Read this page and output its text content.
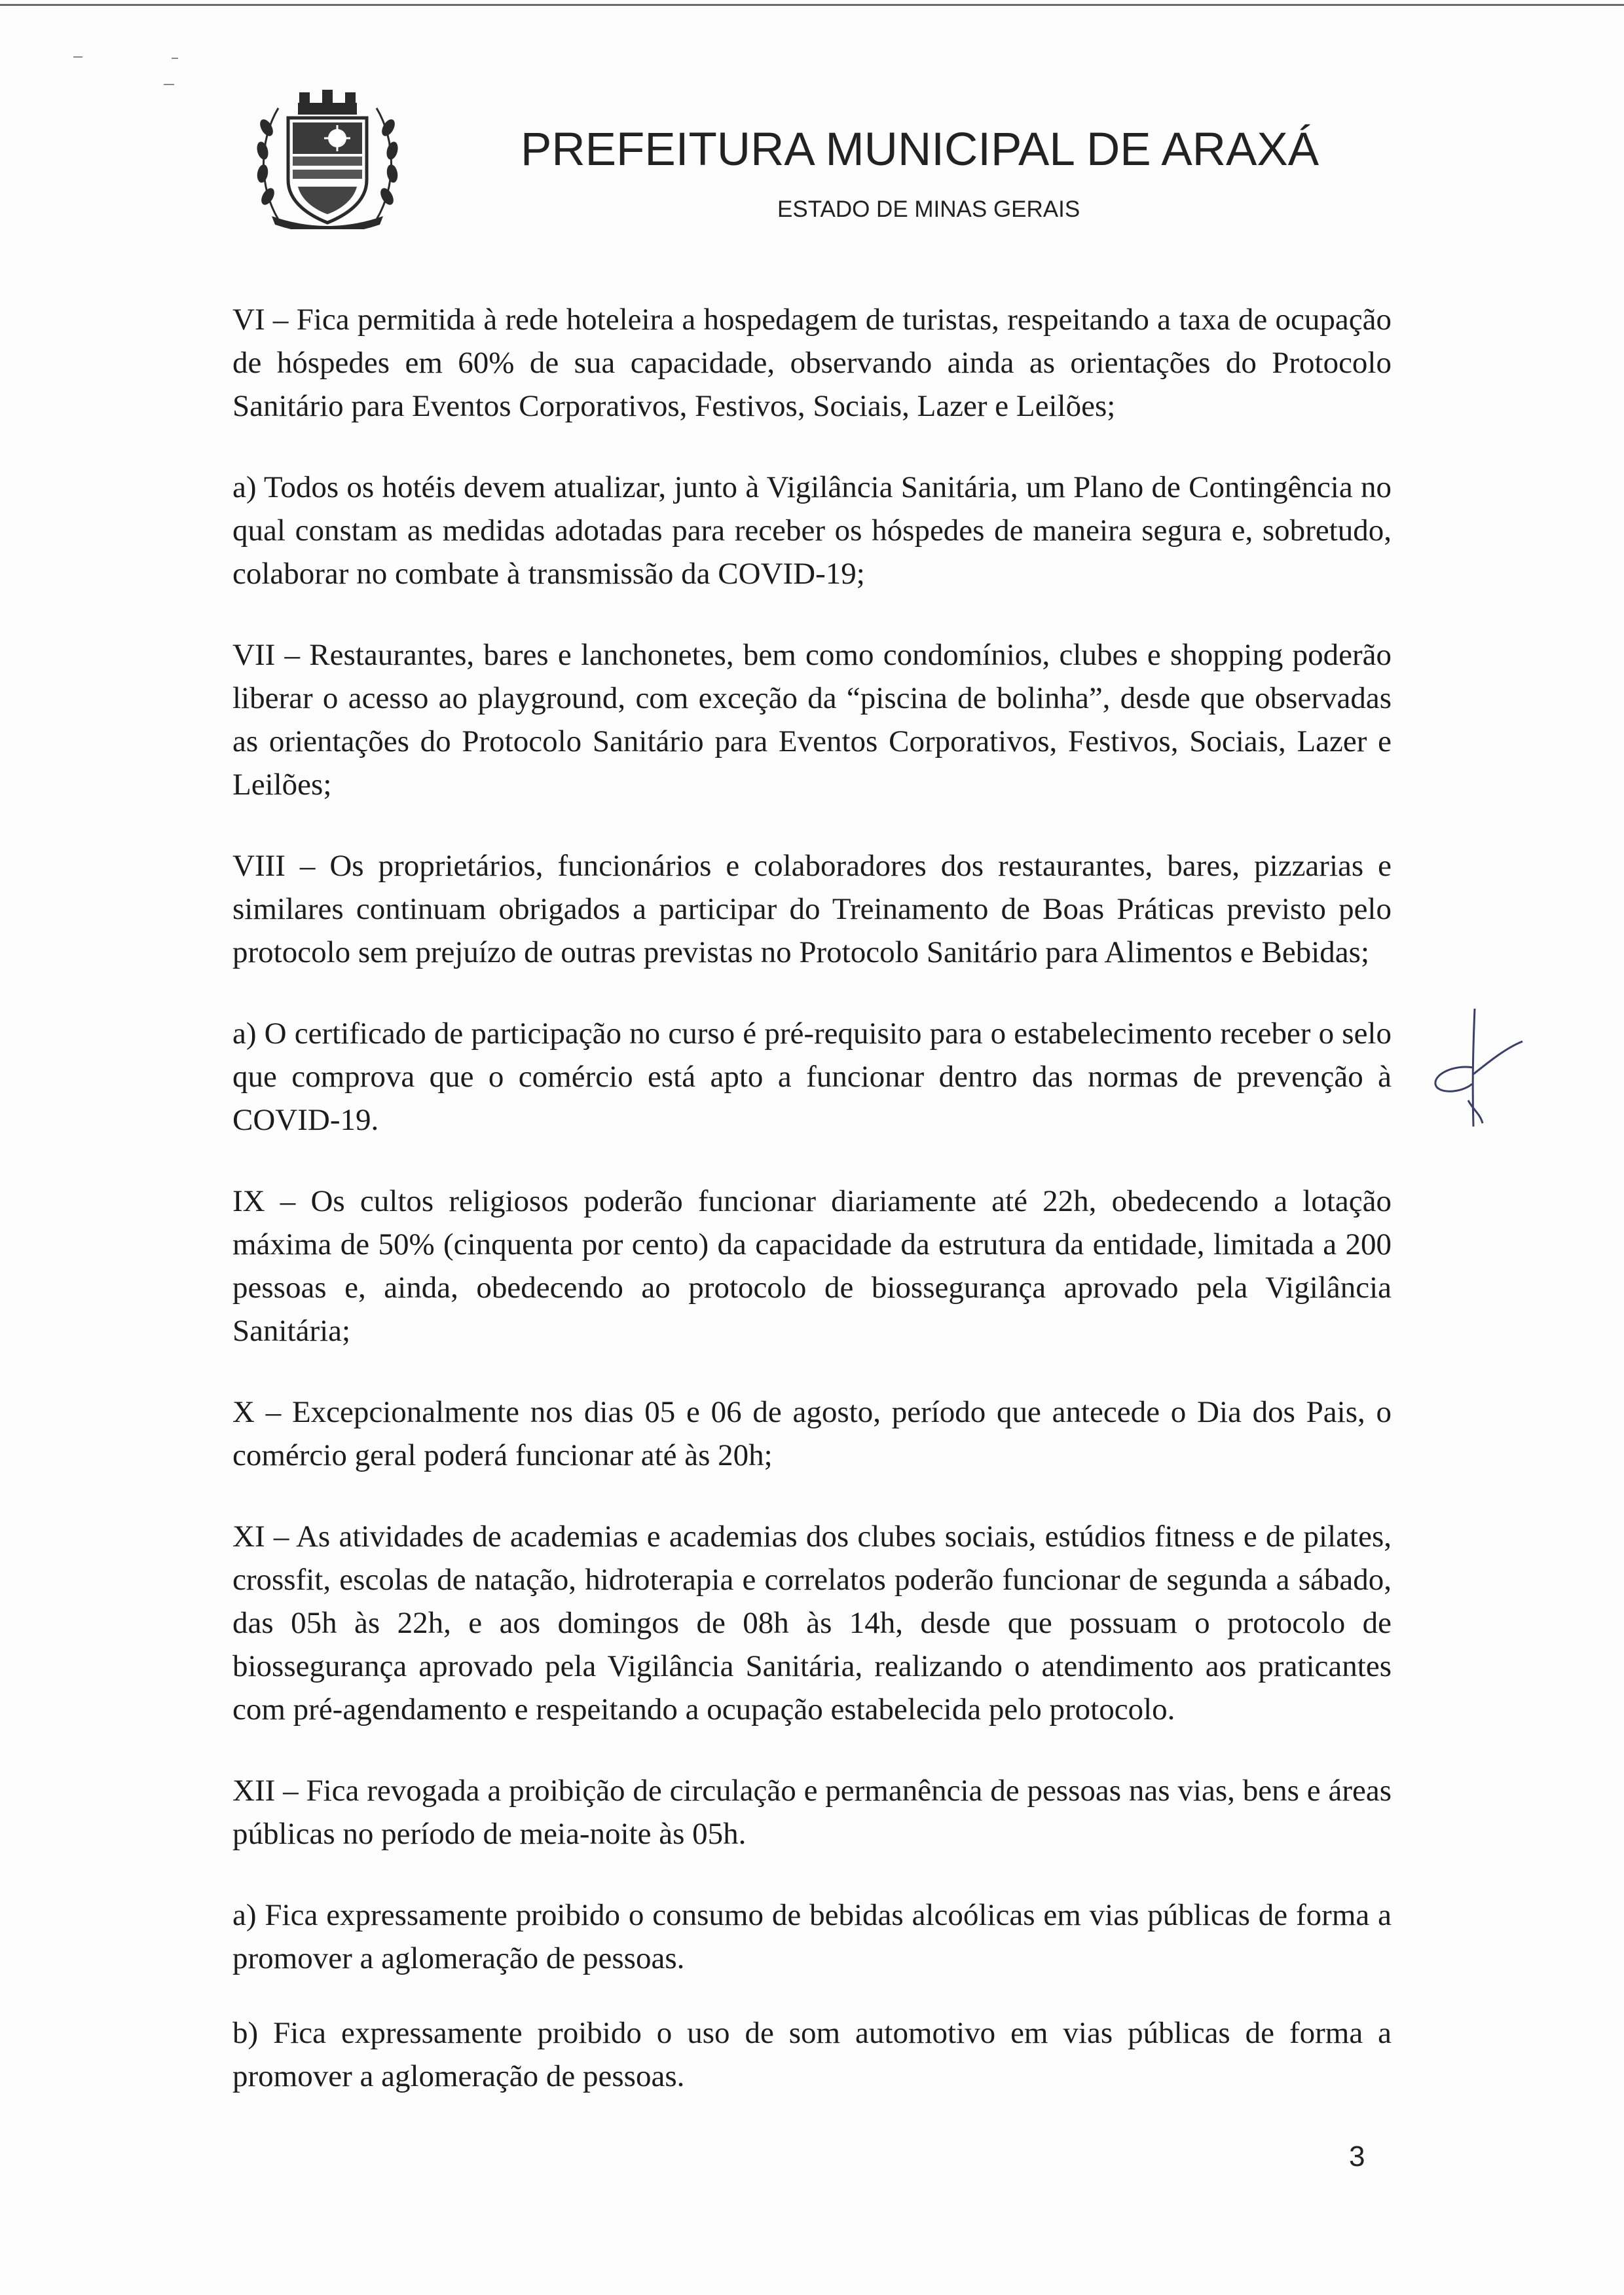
PREFEITURA MUNICIPAL DE ARAXÁ
ESTADO DE MINAS GERAIS

VI – Fica permitida à rede hoteleira a hospedagem de turistas, respeitando a taxa de ocupação de hóspedes em 60% de sua capacidade, observando ainda as orientações do Protocolo Sanitário para Eventos Corporativos, Festivos, Sociais, Lazer e Leilões;

a) Todos os hotéis devem atualizar, junto à Vigilância Sanitária, um Plano de Contingência no qual constam as medidas adotadas para receber os hóspedes de maneira segura e, sobretudo, colaborar no combate à transmissão da COVID-19;

VII – Restaurantes, bares e lanchonetes, bem como condomínios, clubes e shopping poderão liberar o acesso ao playground, com exceção da “piscina de bolinha”, desde que observadas as orientações do Protocolo Sanitário para Eventos Corporativos, Festivos, Sociais, Lazer e Leilões;

VIII – Os proprietários, funcionários e colaboradores dos restaurantes, bares, pizzarias e similares continuam obrigados a participar do Treinamento de Boas Práticas previsto pelo protocolo sem prejuízo de outras previstas no Protocolo Sanitário para Alimentos e Bebidas;

a) O certificado de participação no curso é pré-requisito para o estabelecimento receber o selo que comprova que o comércio está apto a funcionar dentro das normas de prevenção à COVID-19.

IX – Os cultos religiosos poderão funcionar diariamente até 22h, obedecendo a lotação máxima de 50% (cinquenta por cento) da capacidade da estrutura da entidade, limitada a 200 pessoas e, ainda, obedecendo ao protocolo de biossegurança aprovado pela Vigilância Sanitária;

X – Excepcionalmente nos dias 05 e 06 de agosto, período que antecede o Dia dos Pais, o comércio geral poderá funcionar até às 20h;

XI – As atividades de academias e academias dos clubes sociais, estúdios fitness e de pilates, crossfit, escolas de natação, hidroterapia e correlatos poderão funcionar de segunda a sábado, das 05h às 22h, e aos domingos de 08h às 14h, desde que possuam o protocolo de biossegurança aprovado pela Vigilância Sanitária, realizando o atendimento aos praticantes com pré-agendamento e respeitando a ocupação estabelecida pelo protocolo.

XII – Fica revogada a proibição de circulação e permanência de pessoas nas vias, bens e áreas públicas no período de meia-noite às 05h.

a) Fica expressamente proibido o consumo de bebidas alcoólicas em vias públicas de forma a promover a aglomeração de pessoas.

b) Fica expressamente proibido o uso de som automotivo em vias públicas de forma a promover a aglomeração de pessoas.

3
